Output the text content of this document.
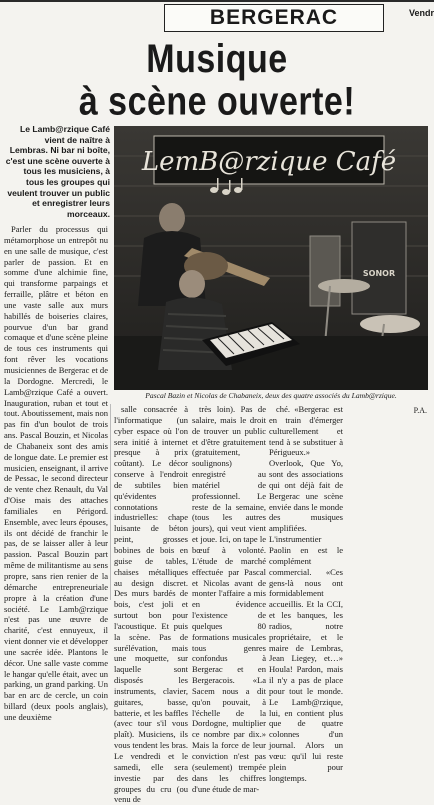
BERGERAC	Vendr
Musique
à scène ouverte!
Le Lamb@rzique Café vient de naître à Lembras. Ni bar ni boîte, c'est une scène ouverte à tous les musiciens, à tous les groupes qui veulent trouver un public et enregistrer leurs morceaux.
LemB@rzique Café
SONOR
Pascal Bazin et Nicolas de Chabaneix, deux des quatre associés du Lamb@rzique.

Parler du processus qui métamorphose un entrepôt nu en une salle de musique, c'est parler de passion. Et en somme d'une alchimie fine, qui transforme parpaings et ferraille, plâtre et béton en une vaste salle aux murs habillés de boiseries claires, pourvue d'un bar grand comaque et d'une scène pleine de tous ces instruments qui font rêver les vocations musiciennes de Bergerac et de la Dordogne. Mercredi, le Lamb@rzique Café a ouvert. Inauguration, ruban et tout et tout. Aboutissement, mais non pas fin d'un boulot de trois ans. Pascal Bouzin, et Nicolas de Chabaneix sont des amis de longue date. Le premier est musicien, enseignant, il arrive de Pessac, le second directeur de vente chez Renault, du Val d'Oise mais des attaches familiales en Périgord. Ensemble, avec leurs épouses, ils ont décidé de franchir le pas, de se laisser aller à leur passion. Pascal Bouzin part même de militantisme au sens propre, sans rien renier de la démarche entrepreneuriale propre à la création d'une société. Le Lamb@rzique n'est pas une œuvre de charité, c'est ennuyeux, il vient donner vie et développer une sacrée idée. Plantons le décor. Une salle vaste comme le hangar qu'elle était, avec un parking, un grand parking. Un bar en arc de cercle, un coin billard (deux pools anglais), une deuxième

salle consacrée à l'informatique (un cyber espace où l'on sera initié à internet presque à prix coûtant). Le décor conserve à l'endroit de subtiles bien qu'évidentes connotations industrielles: chape luisante de béton peint, grosses bobines de bois en guise de tables, chaises métalliques au design discret. Des murs bardés de bois, c'est joli et surtout bon pour l'acoustique. Et puis la scène. Pas de surélévation, mais une moquette, sur laquelle sont disposés les instruments, clavier, guitares, basse, batterie, et les baffles (avec tour s'il vous plaît). Musiciens, ils vous tendent les bras. Le vendredi et le samedi, elle sera investie par des groupes du cru (ou venu de

très loin). Pas de salaire, mais le droit de trouver un public et d'être gratuitement (gratuitement, soulignons) enregistré au matériel de professionnel. Le reste de la semaine, (tous les autres jours), qui veut vient et joue. Ici, on tape le bœuf à volonté. L'étude de marché effectuée par Pascal et Nicolas avant de monter l'affaire a mis en évidence l'existence de quelques 80 formations musicales tous genres confondus à Bergerac et en Bergeracois. «La Sacem nous a dit qu'on pouvait, à l'échelle de la Dordogne, multiplier ce nombre par dix.» Mais la force de leur conviction n'est pas (seulement) trempée dans les chiffres d'une étude de mar-

ché. «Bergerac est en train d'émerger culturellement et tend à se substituer à Périgueux.» Overlook, Que Yo, sont des associations qui ont déjà fait de Bergerac une scène enviée dans le monde des musiques amplifiées. L'instrumentier Paolin en est le complément commercial. «Ces gens-là nous ont formidablement accueillis. Et la CCI, et les banques, les radios, notre propriétaire, et le maire de Lembras, Jean Liegey, et…» Houla! Pardon, mais il n'y a pas de place pour tout le monde. Le Lamb@rzique, lui, en contient plus que de quatre colonnes d'un journal. Alors un vœu: qu'il lui reste plein pour longtemps.

P.A.
